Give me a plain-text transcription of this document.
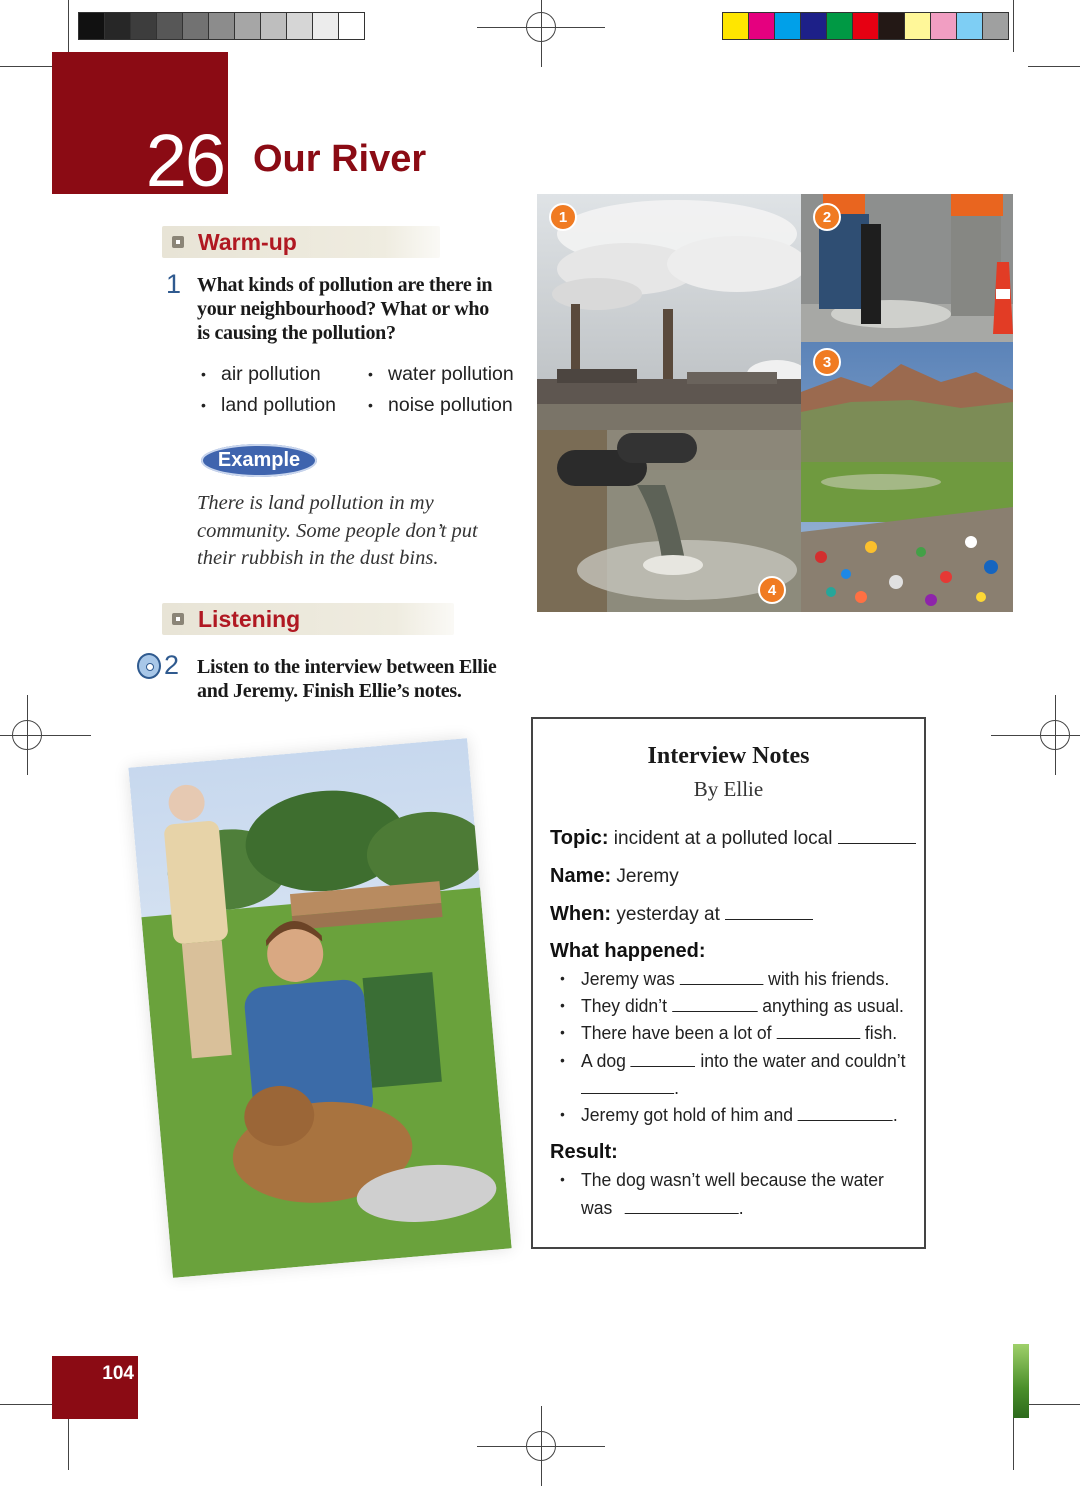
26 Our River
Warm-up
1 What kinds of pollution are there in
your neighbourhood? What or who
is causing the pollution?
• air pollution	• water pollution
• land pollution	• noise pollution
Example
There is land pollution in my
community. Some people don’t put
their rubbish in the dust bins.
1	2
4
3
Listening
2 Listen to the interview between Ellie
and Jeremy. Finish Ellie’s notes.
Interview Notes
By Ellie
Topic: incident at a polluted local
Name: Jeremy
When: yesterday at
What happened:
• Jeremy was	with his friends.
• They didn’t	anything as usual.
• There have been a lot of	fish.
• A dog	into the water and couldn’t
.
• Jeremy got hold of him and	.
Result:
• The dog wasn’t well because the water
was	.
104
